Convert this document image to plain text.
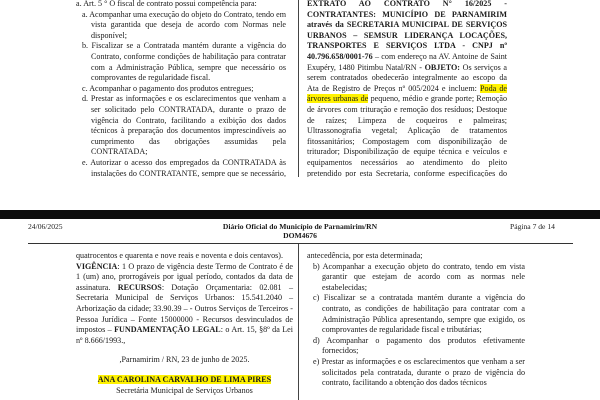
a. Art. 5 ° O fiscal de contrato possui competência para:

a. Acompanhar uma execução do objeto do Contrato, tendo em vista garantida que deseja de acordo com Normas nele disponível;

b. Fiscalizar se a Contratada mantém durante a vigência do Contrato, conforme condições de habilitação para contratar com a Administração Pública, sempre que necessário os comprovantes de regularidade fiscal.

c. Acompanhar o pagamento dos produtos entregues;

d. Prestar as informações e os esclarecimentos que venham a ser solicitado pelo CONTRATADA, durante o prazo de vigência do Contrato, facilitando a exibição dos dados técnicos à preparação dos documentos imprescindíveis ao cumprimento das obrigações assumidas pela CONTRATADA;

e. Autorizar o acesso dos empregados da CONTRATADA às instalações do CONTRATANTE, sempre que se necessário,

EXTRATO AO CONTRATO N° 16/2025 - CONTRATANTES: MUNICÍPIO DE PARNAMIRIM através da SECRETARIA MUNICIPAL DE SERVIÇOS URBANOS – SEMSUR LIDERANÇA LOCAÇÕES, TRANSPORTES E SERVIÇOS LTDA - CNPJ nº 40.796.658/0001-76 – com endereço na AV. Antoine de Saint Exupéry, 1480 Pitimbu Natal/RN - OBJETO: Os serviços a serem contratados obedecerão integralmente ao escopo da Ata de Registro de Preços nº 005/2024 e incluem: Poda de árvores urbanas de pequeno, médio e grande porte; Remoção de árvores com trituração e remoção dos resíduos; Destoque de raízes; Limpeza de coqueiros e palmeiras; Ultrassonografia vegetal; Aplicação de tratamentos fitossanitários; Compostagem com disponibilização de triturador; Disponibilização de equipe técnica e veículos e equipamentos necessários ao atendimento do pleito pretendido por esta Secretaria, conforme especificações do

24/06/2025	Diário Oficial do Município de Parnamirim/RN
DOM4676
Página 7 de 14

quatrocentos e quarenta e nove reais e noventa e dois centavos).

VIGÊNCIA: 1 O prazo de vigência deste Termo de Contrato é de 1 (um) ano, prorrogáveis por igual período, contados da data de assinatura. RECURSOS: Dotação Orçamentaria: 02.081 – Secretaria Municipal de Serviços Urbanos: 15.541.2040 – Arborização da cidade; 33.90.39 – - Outros Serviços de Terceiros - Pessoa Jurídica – Fonte 15000000 - Recursos desvinculados de impostos – FUNDAMENTAÇÃO LEGAL: o Art. 15, §8º da Lei nº 8.666/1993.,

,Parnamirim / RN, 23 de junho de 2025.
ANA CAROLINA CARVALHO DE LIMA PIRES
Secretária Municipal de Serviços Urbanos

antecedência, por esta determinada;

b) Acompanhar a execução objeto do contrato, tendo em vista garantir que estejam de acordo com as normas nele estabelecidas;

c) Fiscalizar se a contratada mantém durante a vigência do contrato, as condições de habilitação para contratar com a Administração Pública apresentando, sempre que exigido, os comprovantes de regularidade fiscal e tributárias;

d) Acompanhar o pagamento dos produtos efetivamente fornecidos;

e) Prestar as informações e os esclarecimentos que venham a ser solicitados pela contratada, durante o prazo de vigência do contrato, facilitando a obtenção dos dados técnicos
